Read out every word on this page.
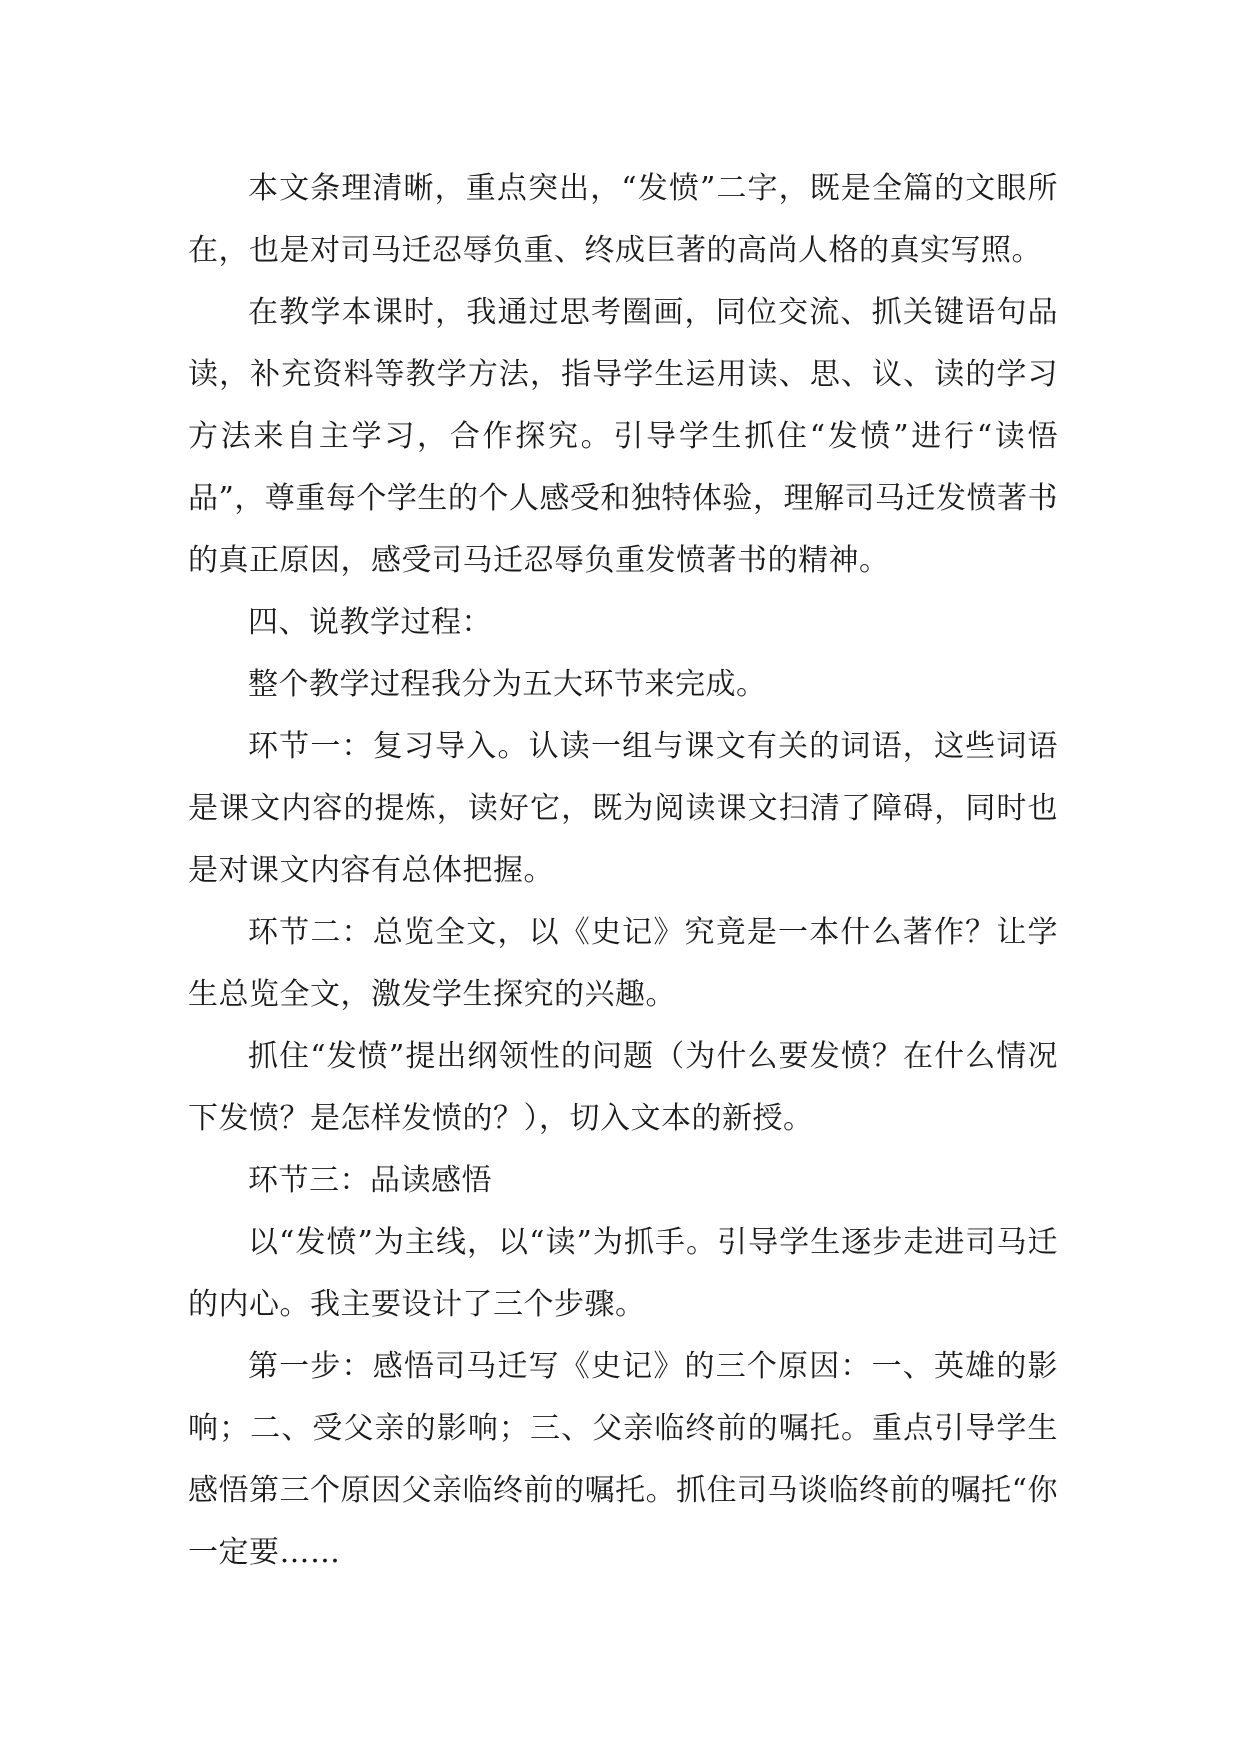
本文条理清晰，重点突出，“发愤”二字，既是全篇的文眼所在，也是对司马迁忍辱负重、终成巨著的高尚人格的真实写照。

在教学本课时，我通过思考圈画，同位交流、抓关键语句品读，补充资料等教学方法，指导学生运用读、思、议、读的学习方法来自主学习，合作探究。引导学生抓住“发愤”进行“读悟品”，尊重每个学生的个人感受和独特体验，理解司马迁发愤著书的真正原因，感受司马迁忍辱负重发愤著书的精神。

四、说教学过程：

整个教学过程我分为五大环节来完成。

环节一：复习导入。认读一组与课文有关的词语，这些词语是课文内容的提炼，读好它，既为阅读课文扫清了障碍，同时也是对课文内容有总体把握。

环节二：总览全文，以《史记》究竟是一本什么著作？让学生总览全文，激发学生探究的兴趣。

抓住“发愤”提出纲领性的问题（为什么要发愤？在什么情况下发愤？是怎样发愤的？），切入文本的新授。

环节三：品读感悟

以“发愤”为主线，以“读”为抓手。引导学生逐步走进司马迁的内心。我主要设计了三个步骤。

第一步：感悟司马迁写《史记》的三个原因：一、英雄的影响；二、受父亲的影响；三、父亲临终前的嘱托。重点引导学生感悟第三个原因父亲临终前的嘱托。抓住司马谈临终前的嘱托“你一定要……
